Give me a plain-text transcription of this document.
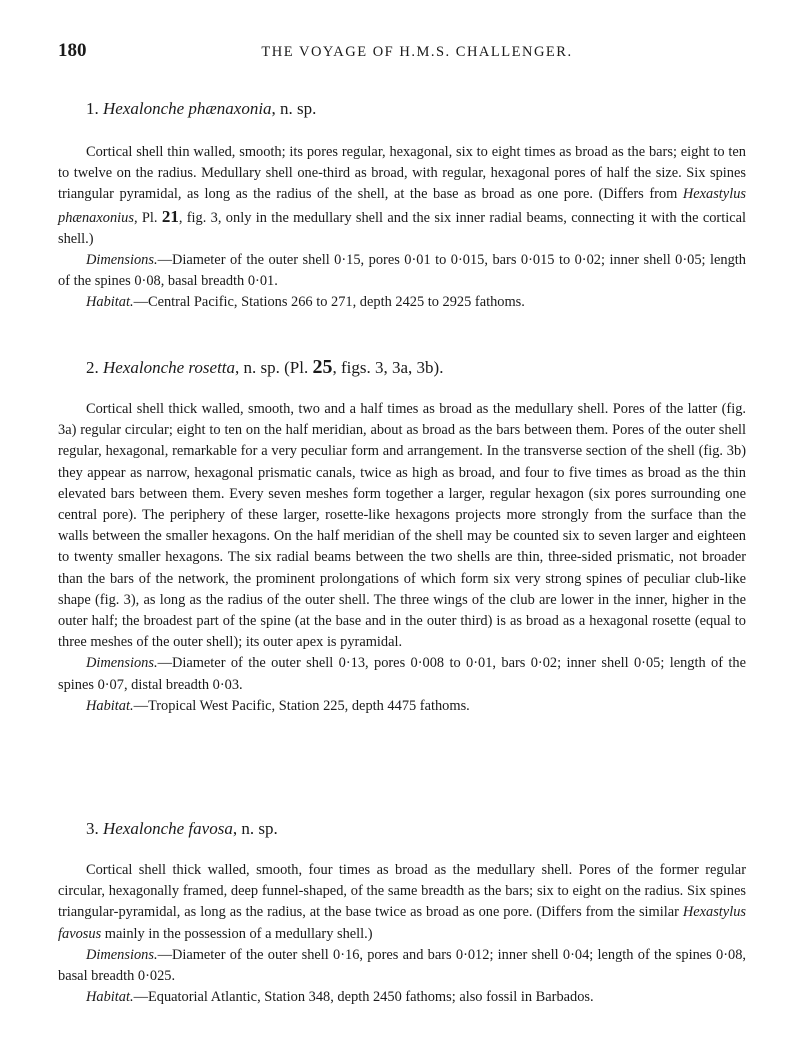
180	THE VOYAGE OF H.M.S. CHALLENGER.

1. Hexalonche phænaxonia, n. sp.

Cortical shell thin walled, smooth; its pores regular, hexagonal, six to eight times as broad as the bars; eight to ten to twelve on the radius. Medullary shell one-third as broad, with regular, hexagonal pores of half the size. Six spines triangular pyramidal, as long as the radius of the shell, at the base as broad as one pore. (Differs from Hexastylus phænaxonius, Pl. 21, fig. 3, only in the medullary shell and the six inner radial beams, connecting it with the cortical shell.)

Dimensions.—Diameter of the outer shell 0·15, pores 0·01 to 0·015, bars 0·015 to 0·02; inner shell 0·05; length of the spines 0·08, basal breadth 0·01.

Habitat.—Central Pacific, Stations 266 to 271, depth 2425 to 2925 fathoms.

2. Hexalonche rosetta, n. sp. (Pl. 25, figs. 3, 3a, 3b).

Cortical shell thick walled, smooth, two and a half times as broad as the medullary shell. Pores of the latter (fig. 3a) regular circular; eight to ten on the half meridian, about as broad as the bars between them. Pores of the outer shell regular, hexagonal, remarkable for a very peculiar form and arrangement. In the transverse section of the shell (fig. 3b) they appear as narrow, hexagonal prismatic canals, twice as high as broad, and four to five times as broad as the thin elevated bars between them. Every seven meshes form together a larger, regular hexagon (six pores surrounding one central pore). The periphery of these larger, rosette-like hexagons projects more strongly from the surface than the walls between the smaller hexagons. On the half meridian of the shell may be counted six to seven larger and eighteen to twenty smaller hexagons. The six radial beams between the two shells are thin, three-sided prismatic, not broader than the bars of the network, the prominent prolongations of which form six very strong spines of peculiar club-like shape (fig. 3), as long as the radius of the outer shell. The three wings of the club are lower in the inner, higher in the outer half; the broadest part of the spine (at the base and in the outer third) is as broad as a hexagonal rosette (equal to three meshes of the outer shell); its outer apex is pyramidal.

Dimensions.—Diameter of the outer shell 0·13, pores 0·008 to 0·01, bars 0·02; inner shell 0·05; length of the spines 0·07, distal breadth 0·03.

Habitat.—Tropical West Pacific, Station 225, depth 4475 fathoms.

3. Hexalonche favosa, n. sp.

Cortical shell thick walled, smooth, four times as broad as the medullary shell. Pores of the former regular circular, hexagonally framed, deep funnel-shaped, of the same breadth as the bars; six to eight on the radius. Six spines triangular-pyramidal, as long as the radius, at the base twice as broad as one pore. (Differs from the similar Hexastylus favosus mainly in the possession of a medullary shell.)

Dimensions.—Diameter of the outer shell 0·16, pores and bars 0·012; inner shell 0·04; length of the spines 0·08, basal breadth 0·025.

Habitat.—Equatorial Atlantic, Station 348, depth 2450 fathoms; also fossil in Barbados.
